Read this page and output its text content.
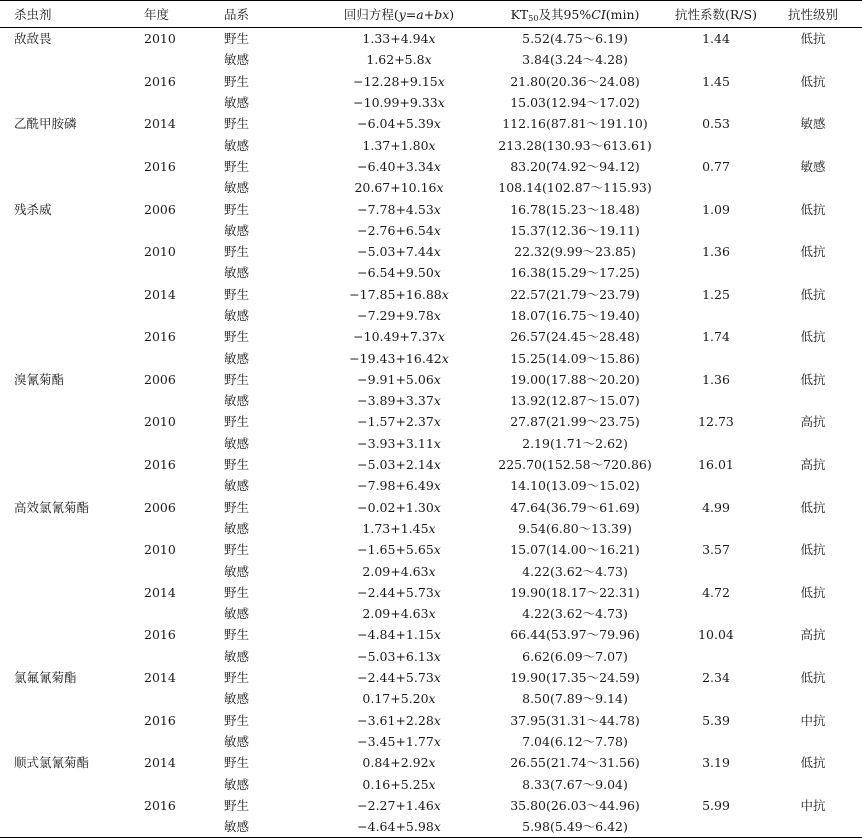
杀虫剂	年度	品系	回归方程(y=a+bx)	$KT_{50}$及其95%CI(min)	抗性系数(R/S)	抗性级别
敌敌畏	2010	野生	1.33+4.94x	5.52(4.75～6.19)	1.44	低抗
		敏感	1.62+5.8x	3.84(3.24～4.28)		
	2016	野生	−12.28+9.15x	21.80(20.36～24.08)	1.45	低抗
		敏感	−10.99+9.33x	15.03(12.94～17.02)		
乙酰甲胺磷	2014	野生	−6.04+5.39x	112.16(87.81～191.10)	0.53	敏感
		敏感	1.37+1.80x	213.28(130.93～613.61)		
	2016	野生	−6.40+3.34x	83.20(74.92～94.12)	0.77	敏感
		敏感	20.67+10.16x	108.14(102.87～115.93)		
残杀威	2006	野生	−7.78+4.53x	16.78(15.23～18.48)	1.09	低抗
		敏感	−2.76+6.54x	15.37(12.36～19.11)		
	2010	野生	−5.03+7.44x	22.32(9.99～23.85)	1.36	低抗
		敏感	−6.54+9.50x	16.38(15.29～17.25)		
	2014	野生	−17.85+16.88x	22.57(21.79～23.79)	1.25	低抗
		敏感	−7.29+9.78x	18.07(16.75～19.40)		
	2016	野生	−10.49+7.37x	26.57(24.45～28.48)	1.74	低抗
		敏感	−19.43+16.42x	15.25(14.09～15.86)		
溴氰菊酯	2006	野生	−9.91+5.06x	19.00(17.88～20.20)	1.36	低抗
		敏感	−3.89+3.37x	13.92(12.87～15.07)		
	2010	野生	−1.57+2.37x	27.87(21.99～23.75)	12.73	高抗
		敏感	−3.93+3.11x	2.19(1.71～2.62)		
	2016	野生	−5.03+2.14x	225.70(152.58～720.86)	16.01	高抗
		敏感	−7.98+6.49x	14.10(13.09～15.02)		
高效氯氰菊酯	2006	野生	−0.02+1.30x	47.64(36.79～61.69)	4.99	低抗
		敏感	1.73+1.45x	9.54(6.80～13.39)		
	2010	野生	−1.65+5.65x	15.07(14.00～16.21)	3.57	低抗
		敏感	2.09+4.63x	4.22(3.62～4.73)		
	2014	野生	−2.44+5.73x	19.90(18.17～22.31)	4.72	低抗
		敏感	2.09+4.63x	4.22(3.62～4.73)		
	2016	野生	−4.84+1.15x	66.44(53.97～79.96)	10.04	高抗
		敏感	−5.03+6.13x	6.62(6.09～7.07)		
氯氟氰菊酯	2014	野生	−2.44+5.73x	19.90(17.35～24.59)	2.34	低抗
		敏感	0.17+5.20x	8.50(7.89～9.14)		
	2016	野生	−3.61+2.28x	37.95(31.31～44.78)	5.39	中抗
		敏感	−3.45+1.77x	7.04(6.12～7.78)		
顺式氯氰菊酯	2014	野生	0.84+2.92x	26.55(21.74～31.56)	3.19	低抗
		敏感	0.16+5.25x	8.33(7.67～9.04)		
	2016	野生	−2.27+1.46x	35.80(26.03～44.96)	5.99	中抗
		敏感	−4.64+5.98x	5.98(5.49～6.42)		
